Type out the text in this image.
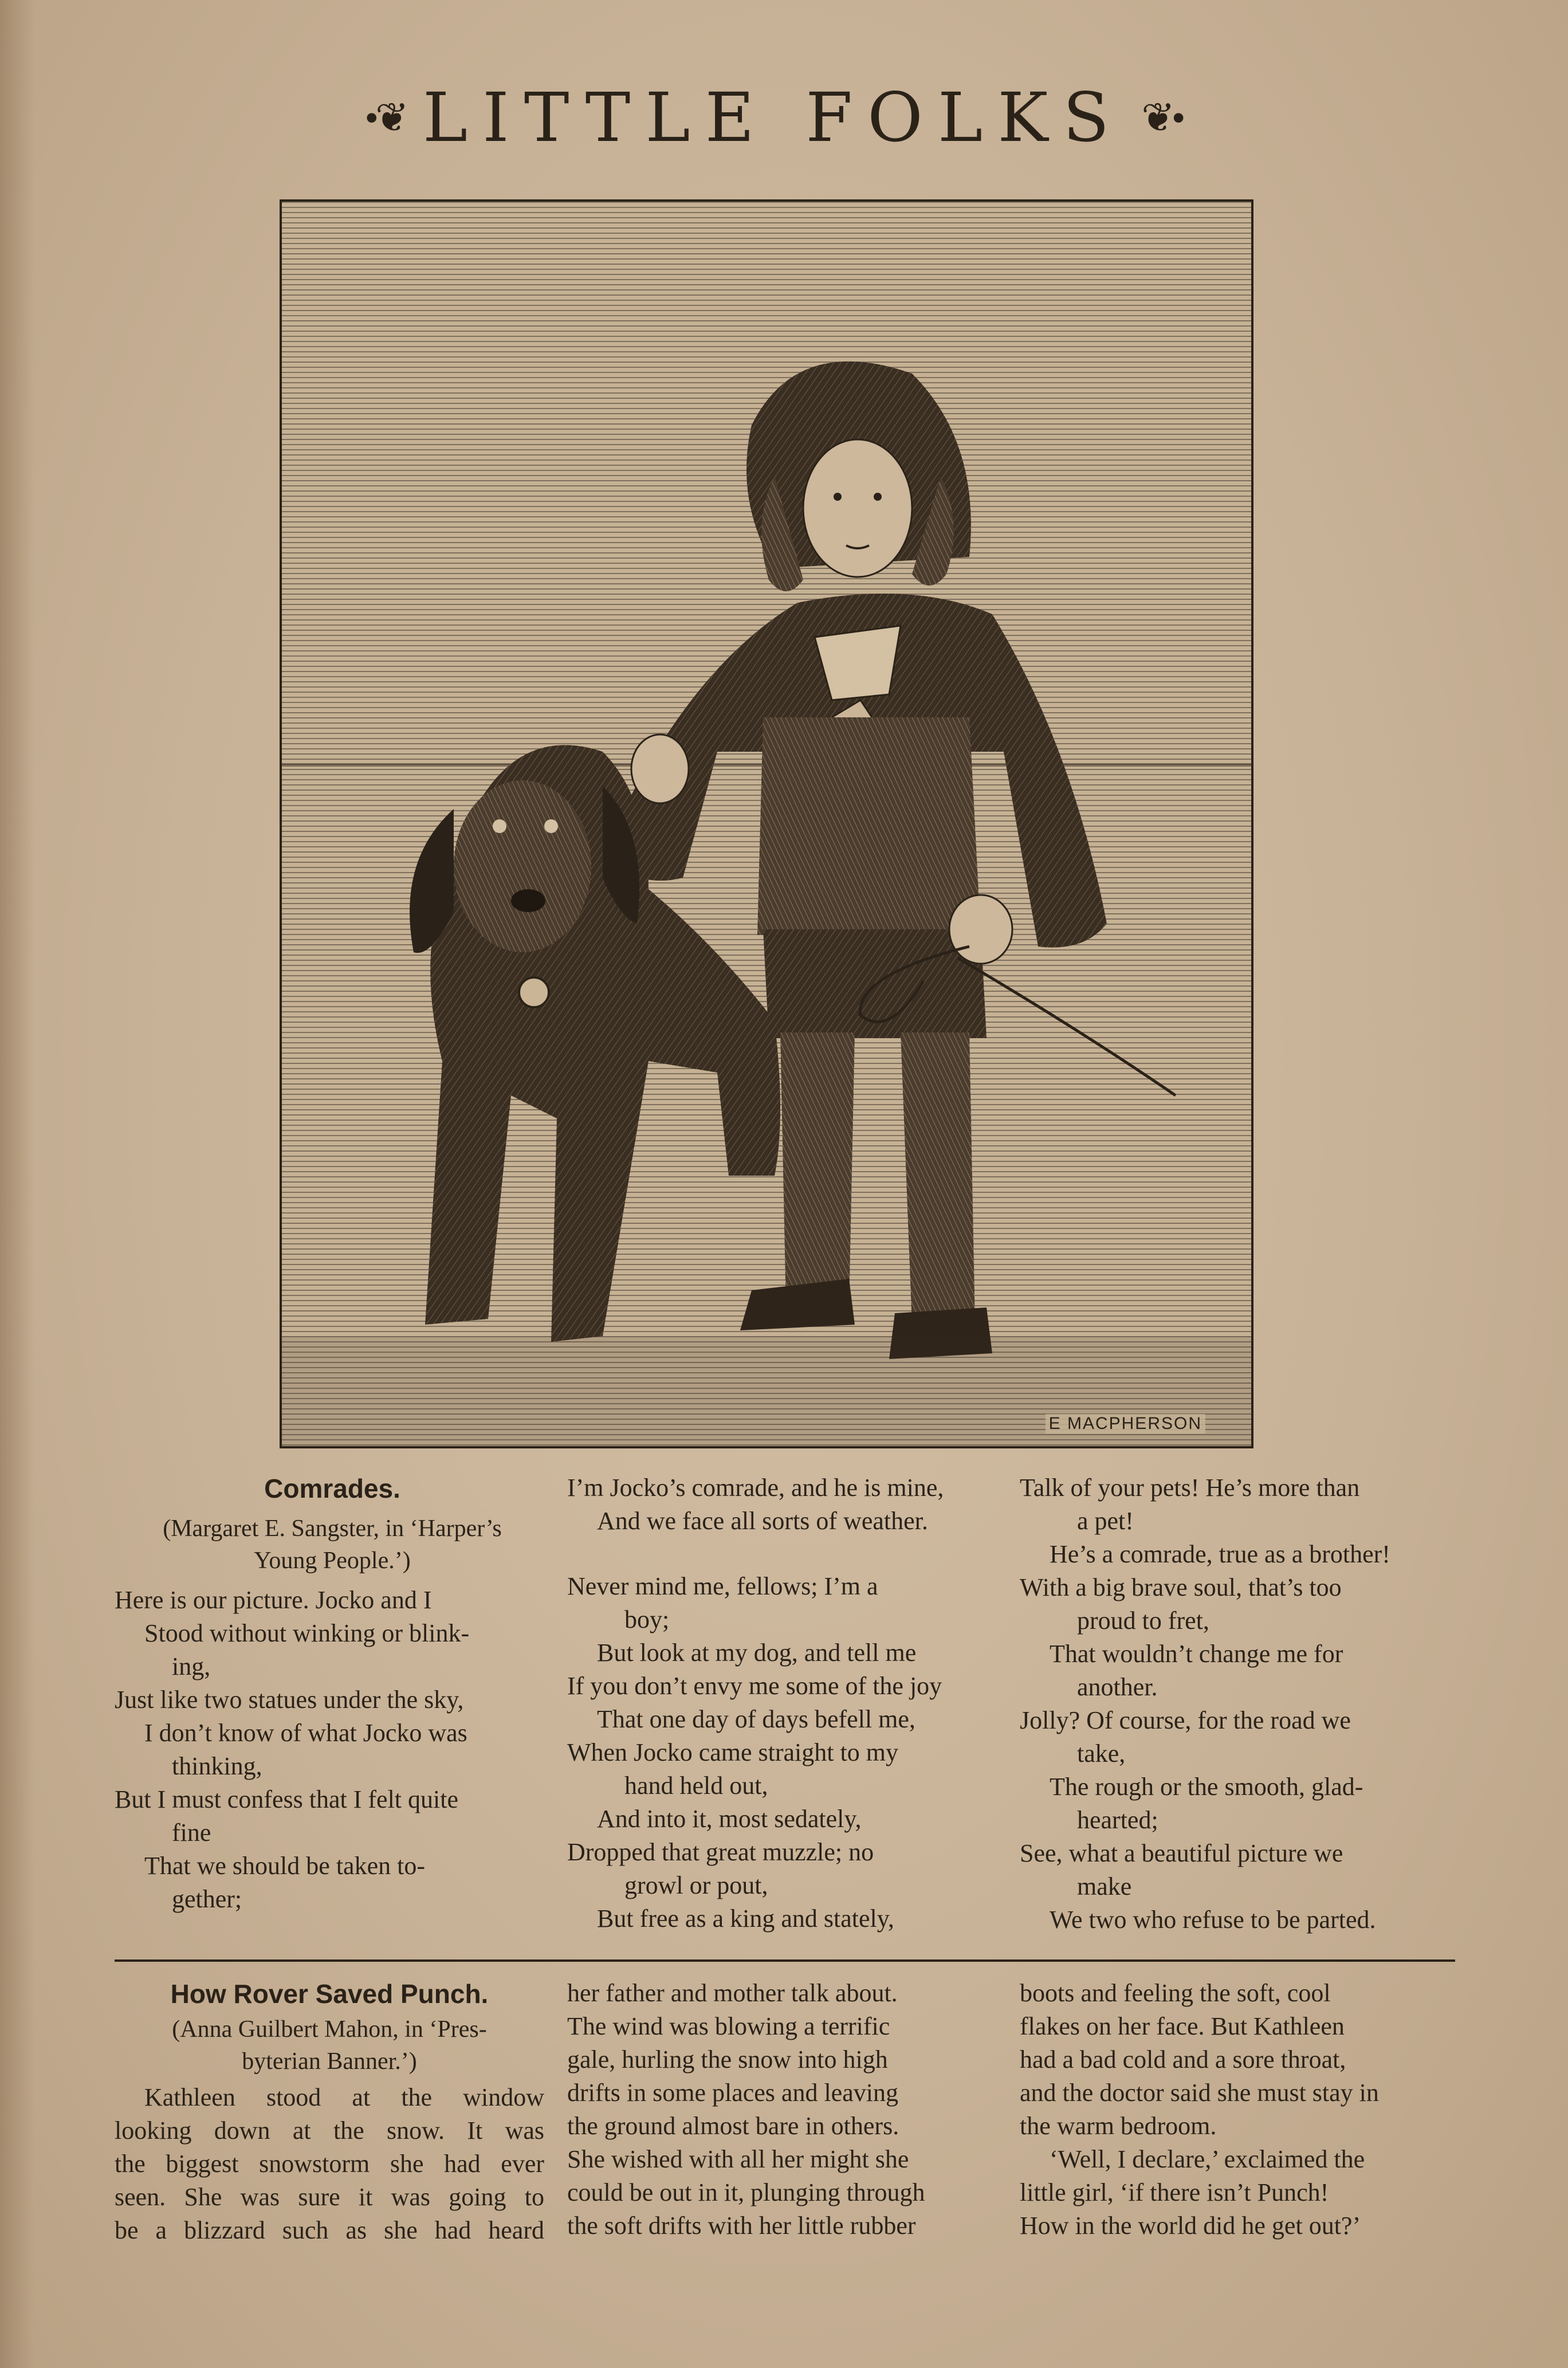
•❦ LITTLE FOLKS ❦•
E MACPHERSON

Comrades.

(Margaret E. Sangster, in ‘Harper’s

Young People.’)

Here is our picture. Jocko and I

Stood without winking or blink-

ing,

Just like two statues under the sky,

I don’t know of what Jocko was

thinking,

But I must confess that I felt quite

fine

That we should be taken to-

gether;

I’m Jocko’s comrade, and he is mine,

And we face all sorts of weather.

Never mind me, fellows; I’m a

boy;

But look at my dog, and tell me

If you don’t envy me some of the joy

That one day of days befell me,

When Jocko came straight to my

hand held out,

And into it, most sedately,

Dropped that great muzzle; no

growl or pout,

But free as a king and stately,

Talk of your pets! He’s more than

a pet!

He’s a comrade, true as a brother!

With a big brave soul, that’s too

proud to fret,

That wouldn’t change me for

another.

Jolly? Of course, for the road we

take,

The rough or the smooth, glad-

hearted;

See, what a beautiful picture we

make

We two who refuse to be parted.

How Rover Saved Punch.

(Anna Guilbert Mahon, in ‘Pres-

byterian Banner.’)

Kathleen stood at the window

looking down at the snow. It was

the biggest snowstorm she had ever

seen. She was sure it was going to

be a blizzard such as she had heard

her father and mother talk about.

The wind was blowing a terrific

gale, hurling the snow into high

drifts in some places and leaving

the ground almost bare in others.

She wished with all her might she

could be out in it, plunging through

the soft drifts with her little rubber

boots and feeling the soft, cool

flakes on her face. But Kathleen

had a bad cold and a sore throat,

and the doctor said she must stay in

the warm bedroom.

‘Well, I declare,’ exclaimed the

little girl, ‘if there isn’t Punch!

How in the world did he get out?’
